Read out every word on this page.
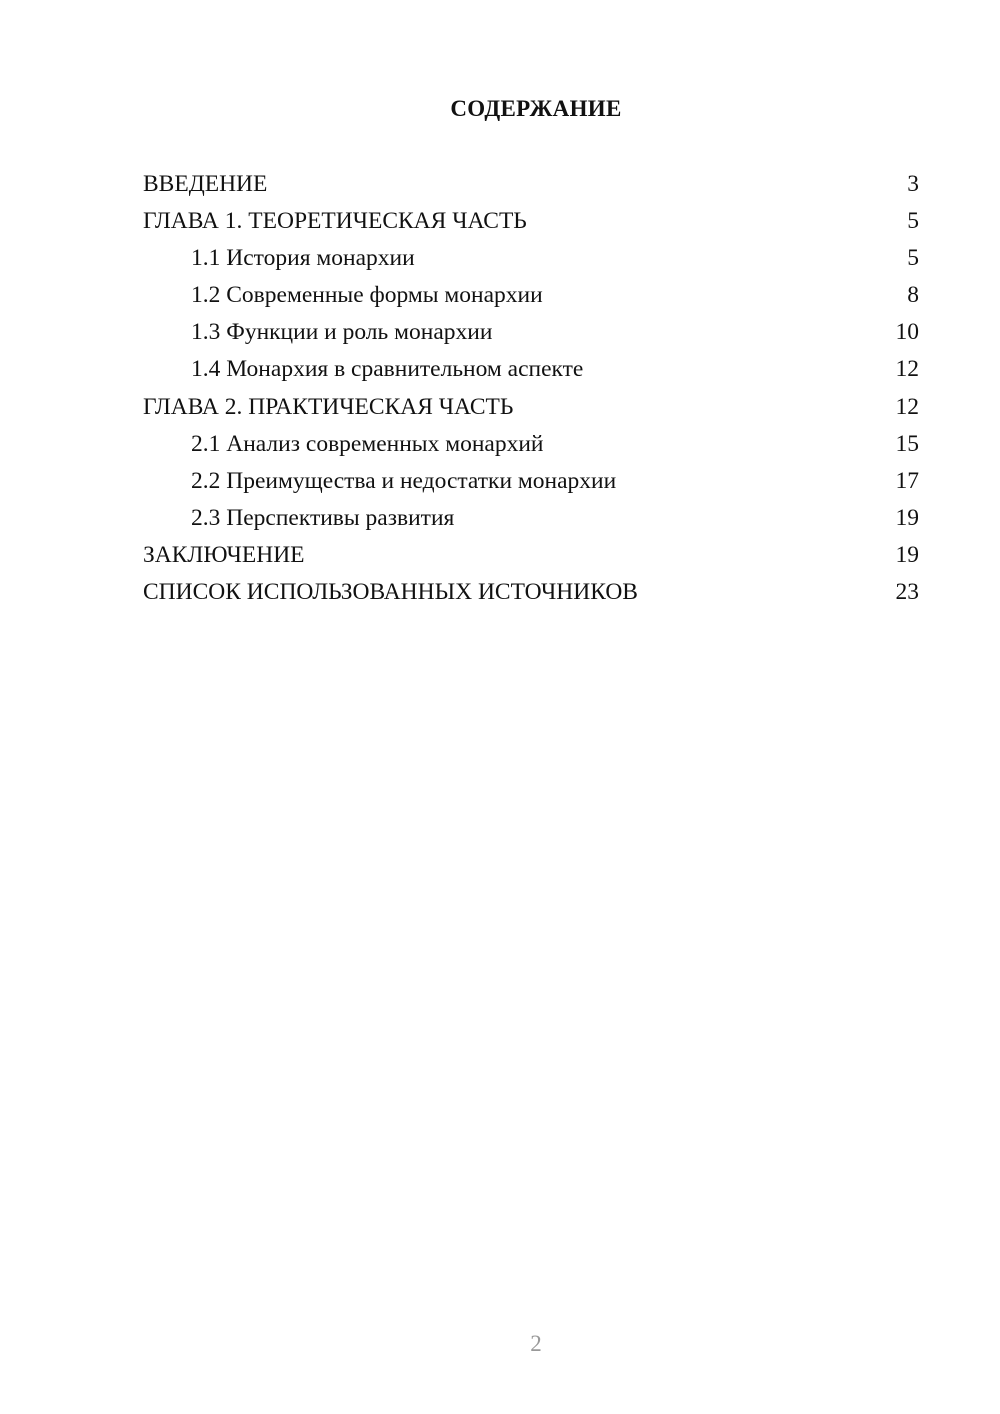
СОДЕРЖАНИЕ
ВВЕДЕНИЕ	3
ГЛАВА 1. ТЕОРЕТИЧЕСКАЯ ЧАСТЬ	5
1.1 История монархии	5
1.2 Современные формы монархии	8
1.3 Функции и роль монархии	10
1.4 Монархия в сравнительном аспекте	12
ГЛАВА 2. ПРАКТИЧЕСКАЯ ЧАСТЬ	12
2.1 Анализ современных монархий	15
2.2 Преимущества и недостатки монархии	17
2.3 Перспективы развития	19
ЗАКЛЮЧЕНИЕ	19
СПИСОК ИСПОЛЬЗОВАННЫХ ИСТОЧНИКОВ	23
2
